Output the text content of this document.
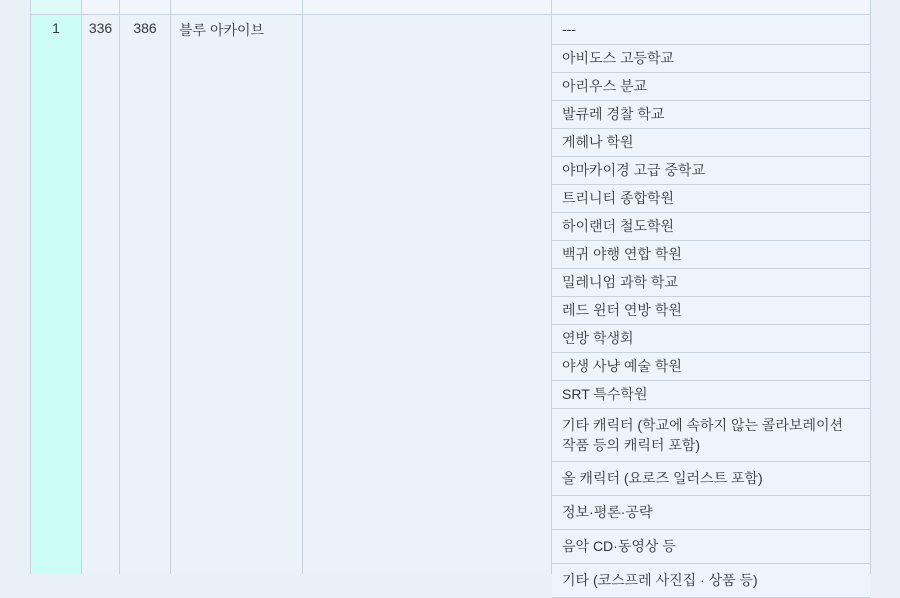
1	336	386	블루 아카이브	---
아비도스 고등학교
아리우스 분교
발큐레 경찰 학교
게헤나 학원
야마카이경 고급 중학교
트리니티 종합학원
하이랜더 철도학원
백귀 야행 연합 학원
밀레니엄 과학 학교
레드 윈터 연방 학원
연방 학생회
야생 사냥 예술 학원
SRT 특수학원
기타 캐릭터 (학교에 속하지 않는 콜라보레이션 작품 등의 캐릭터 포함)
올 캐릭터 (요로즈 일러스트 포함)
정보·평론·공략
음악 CD·동영상 등
기타 (코스프레 사진집 · 상품 등)
